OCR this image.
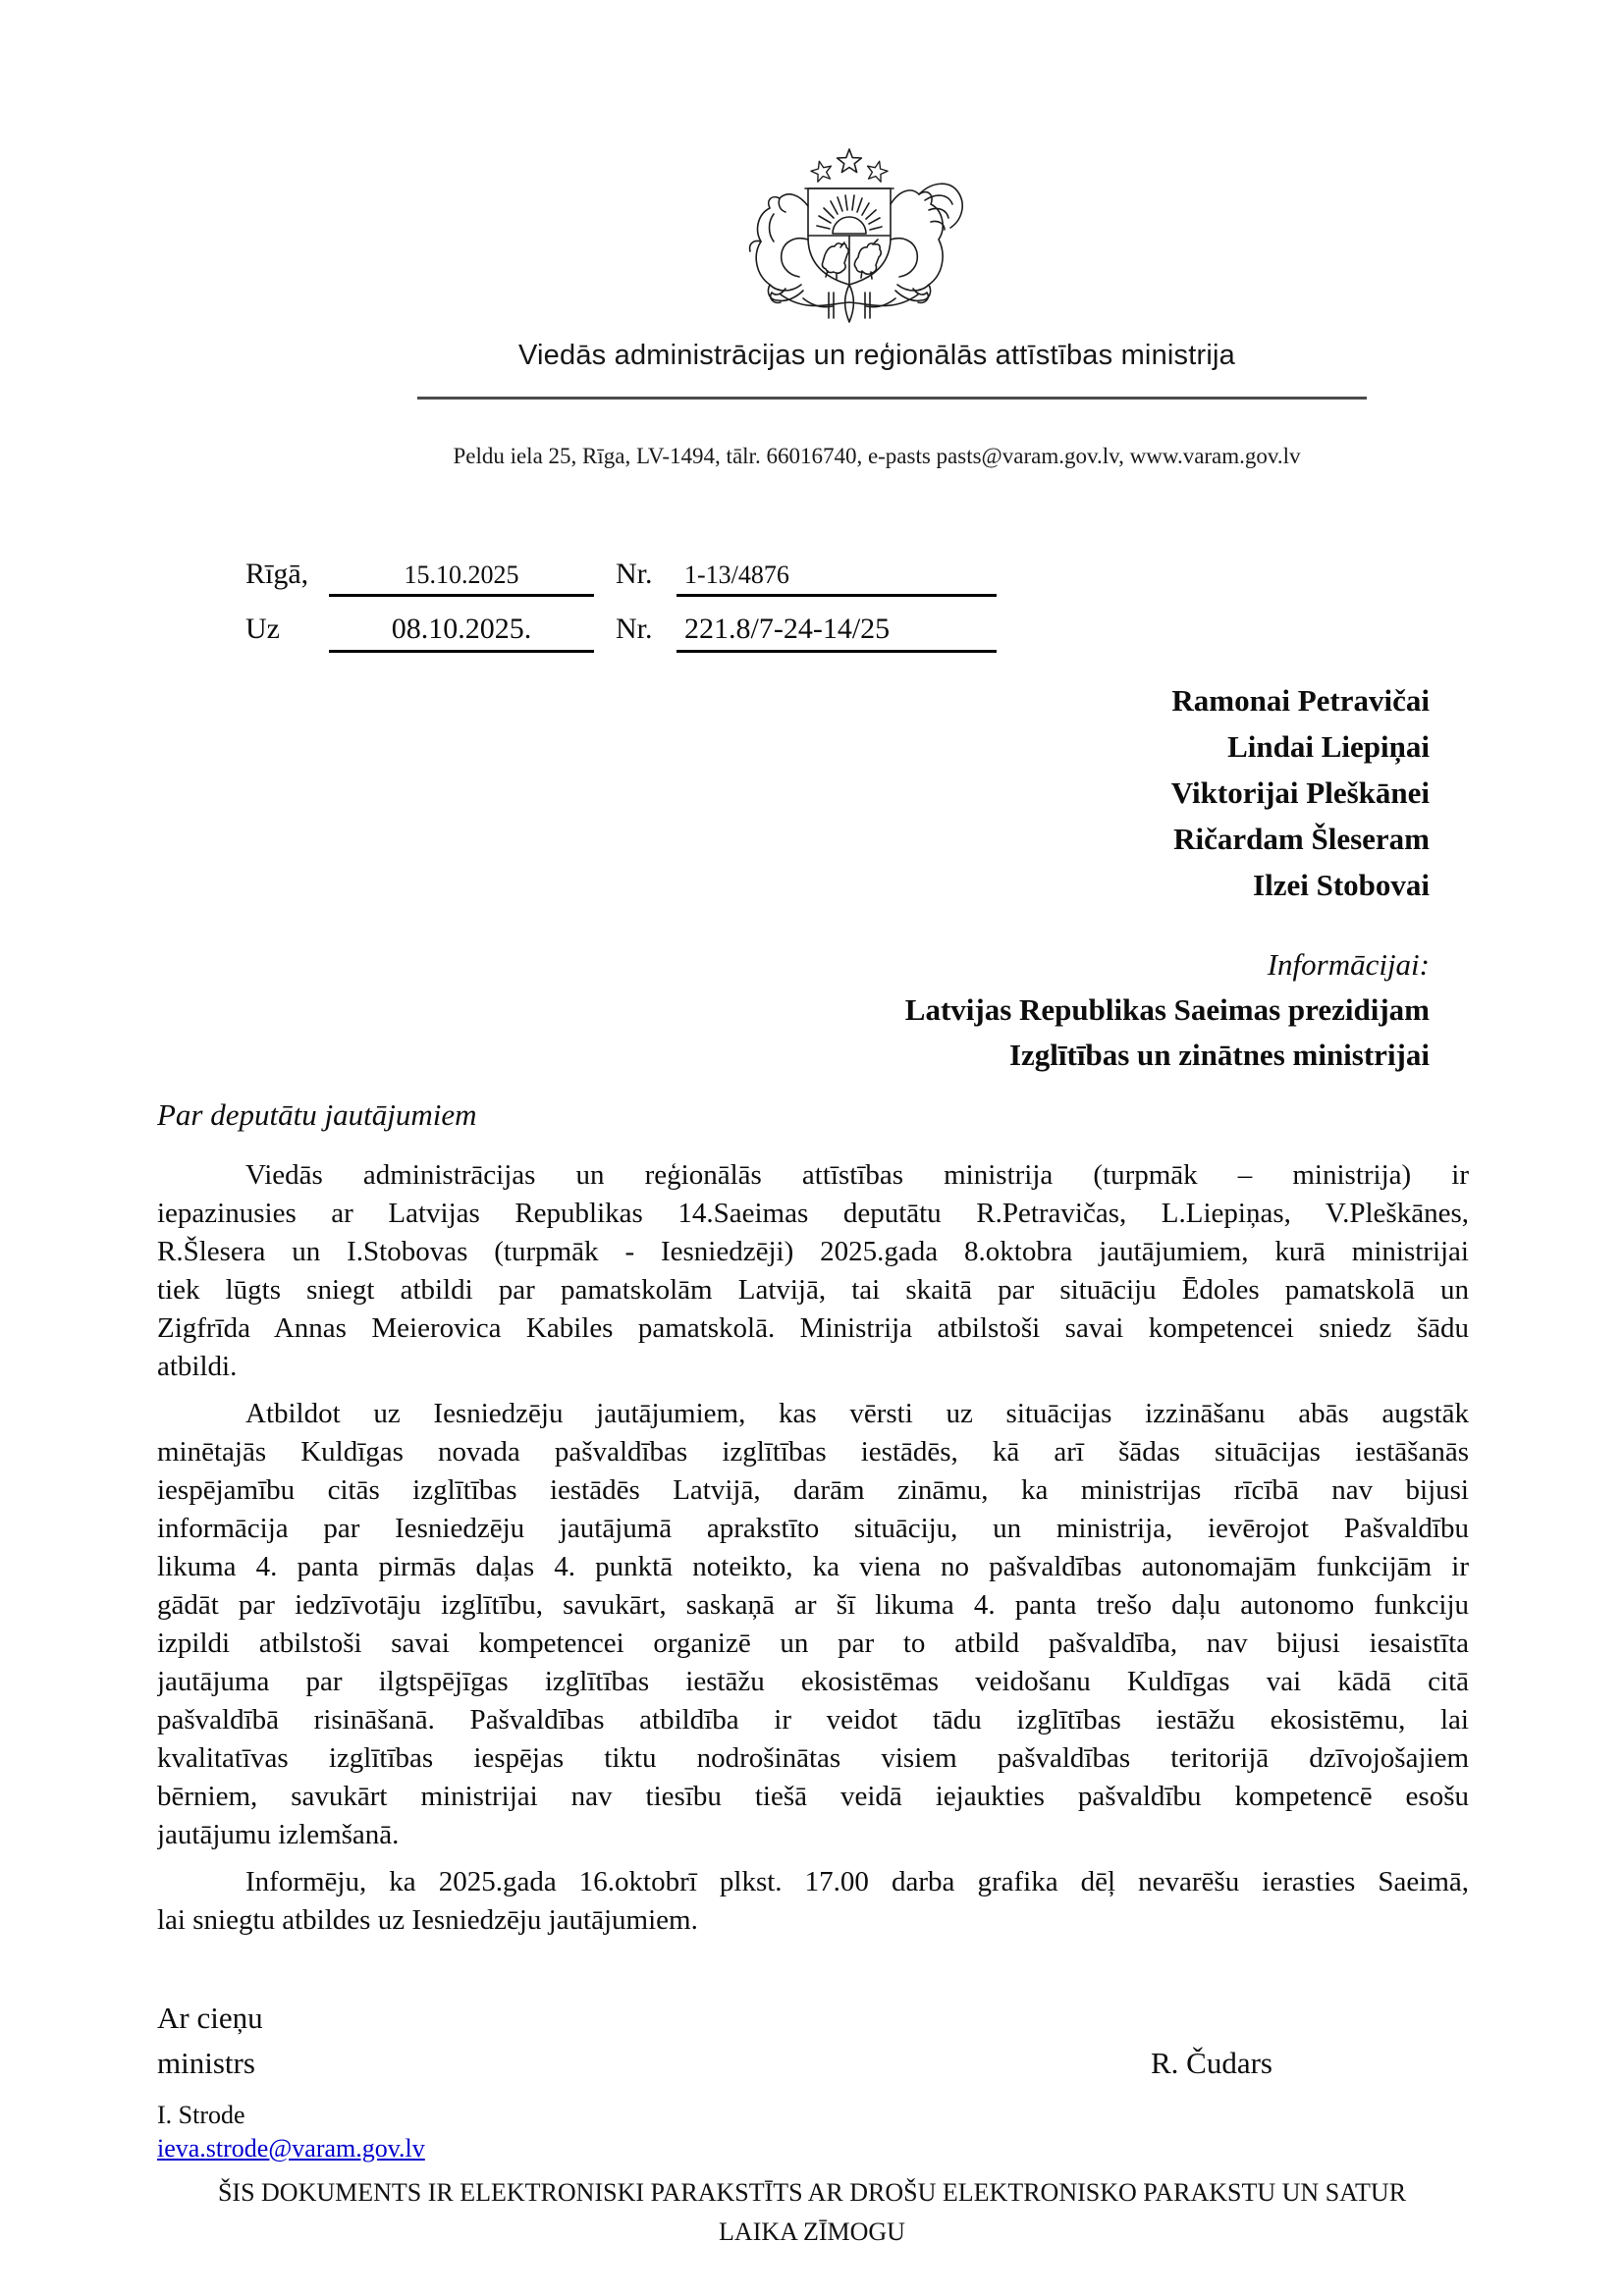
Viedās administrācijas un reģionālās attīstības ministrija
Peldu iela 25, Rīga, LV-1494, tālr. 66016740, e-pasts pasts@varam.gov.lv, www.varam.gov.lv
Rīgā,	15.10.2025	Nr.	1-13/4876
Uz	08.10.2025.	Nr.	221.8/7-24-14/25
Ramonai Petravičai
Lindai Liepiņai
Viktorijai Pleškānei
Ričardam Šleseram
Ilzei Stobovai
Informācijai:
Latvijas Republikas Saeimas prezidijam
Izglītības un zinātnes ministrijai
Par deputātu jautājumiem
Viedās administrācijas un reģionālās attīstības ministrija (turpmāk – ministrija) ir
iepazinusies ar Latvijas Republikas 14.Saeimas deputātu R.Petravičas, L.Liepiņas, V.Pleškānes,
R.Šlesera un I.Stobovas (turpmāk - Iesniedzēji) 2025.gada 8.oktobra jautājumiem, kurā ministrijai
tiek lūgts sniegt atbildi par pamatskolām Latvijā, tai skaitā par situāciju Ēdoles pamatskolā un
Zigfrīda Annas Meierovica Kabiles pamatskolā. Ministrija atbilstoši savai kompetencei sniedz šādu
atbildi.
Atbildot uz Iesniedzēju jautājumiem, kas vērsti uz situācijas izzināšanu abās augstāk
minētajās Kuldīgas novada pašvaldības izglītības iestādēs, kā arī šādas situācijas iestāšanās
iespējamību citās izglītības iestādēs Latvijā, darām zināmu, ka ministrijas rīcībā nav bijusi
informācija par Iesniedzēju jautājumā aprakstīto situāciju, un ministrija, ievērojot Pašvaldību
likuma 4. panta pirmās daļas 4. punktā noteikto, ka viena no pašvaldības autonomajām funkcijām ir
gādāt par iedzīvotāju izglītību, savukārt, saskaņā ar šī likuma 4. panta trešo daļu autonomo funkciju
izpildi atbilstoši savai kompetencei organizē un par to atbild pašvaldība, nav bijusi iesaistīta
jautājuma par ilgtspējīgas izglītības iestāžu ekosistēmas veidošanu Kuldīgas vai kādā citā
pašvaldībā risināšanā. Pašvaldības atbildība ir veidot tādu izglītības iestāžu ekosistēmu, lai
kvalitatīvas izglītības iespējas tiktu nodrošinātas visiem pašvaldības teritorijā dzīvojošajiem
bērniem, savukārt ministrijai nav tiesību tiešā veidā iejaukties pašvaldību kompetencē esošu
jautājumu izlemšanā.
Informēju, ka 2025.gada 16.oktobrī plkst. 17.00 darba grafika dēļ nevarēšu ierasties Saeimā,
lai sniegtu atbildes uz Iesniedzēju jautājumiem.
Ar cieņu
ministrs	R. Čudars
I. Strode
ieva.strode@varam.gov.lv
ŠIS DOKUMENTS IR ELEKTRONISKI PARAKSTĪTS AR DROŠU ELEKTRONISKO PARAKSTU UN SATUR
LAIKA ZĪMOGU
